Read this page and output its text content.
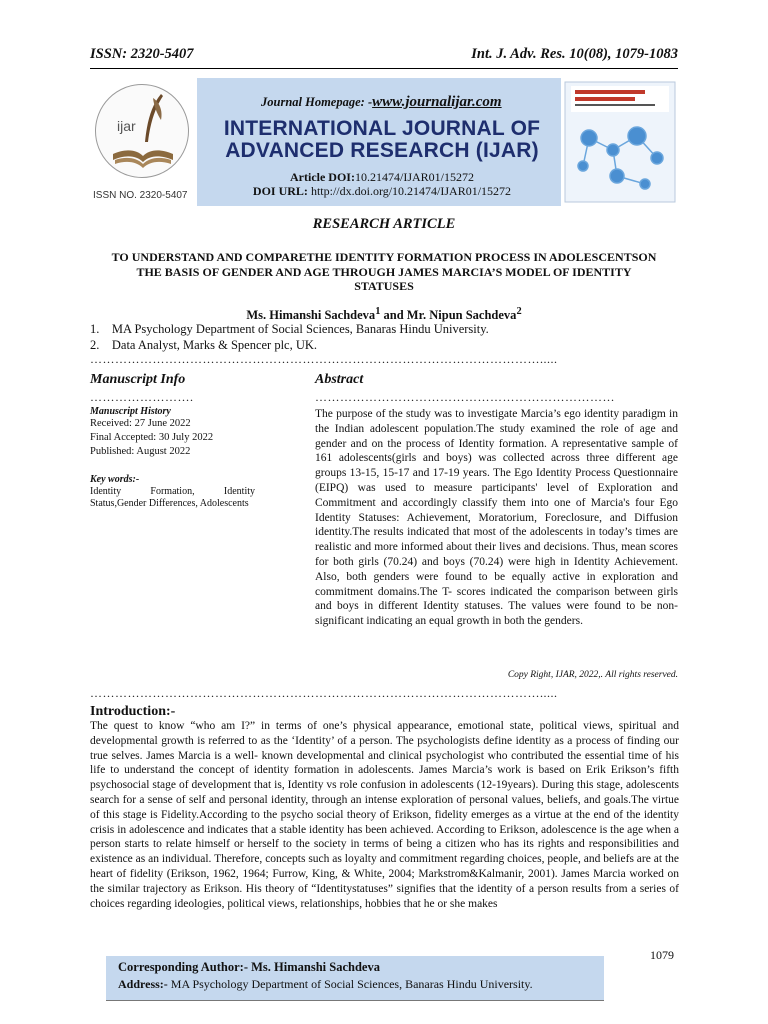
ISSN: 2320-5407	Int. J. Adv. Res. 10(08), 1079-1083
ijar
ISSN NO. 2320-5407
Journal Homepage: -www.journalijar.com
INTERNATIONAL JOURNAL OF
ADVANCED RESEARCH (IJAR)
Article DOI:10.21474/IJAR01/15272
DOI URL: http://dx.doi.org/10.21474/IJAR01/15272
RESEARCH ARTICLE
TO UNDERSTAND AND COMPARETHE IDENTITY FORMATION PROCESS IN ADOLESCENTSON
THE BASIS OF GENDER AND AGE THROUGH JAMES MARCIA’S MODEL OF IDENTITY
STATUSES
Ms. Himanshi Sachdeva$^1$ and Mr. Nipun Sachdeva$^2$
1. MA Psychology Department of Social Sciences, Banaras Hindu University.
2. Data Analyst, Marks & Spencer plc, UK.
……………………………………………………………………………………………….....
Manuscript Info
…………………….
Manuscript History
Received: 27 June 2022
Final Accepted: 30 July 2022
Published: August 2022
Key words:-
Identity Formation, Identity Status,Gender Differences, Adolescents
Abstract
………………………………………………………………
The purpose of the study was to investigate Marcia’s ego identity paradigm in the Indian adolescent population.The study examined the role of age and gender and on the process of Identity formation. A representative sample of 161 adolescents(girls and boys) was collected across three different age groups 13-15, 15-17 and 17-19 years. The Ego Identity Process Questionnaire (EIPQ) was used to measure participants' level of Exploration and Commitment and accordingly classify them into one of Marcia's four Ego Identity Statuses: Achievement, Moratorium, Foreclosure, and Diffusion identity.The results indicated that most of the adolescents in today’s times are realistic and more informed about their lives and decisions. Thus, mean scores for both girls (70.24) and boys (70.24) were high in Identity Achievement. Also, both genders were found to be equally active in exploration and commitment domains.The T- scores indicated the comparison between girls and boys in different Identity statuses. The values were found to be non- significant indicating an equal growth in both the genders.
Copy Right, IJAR, 2022,. All rights reserved.
……………………………………………………………………………………………….....
Introduction:-
The quest to know “who am I?” in terms of one’s physical appearance, emotional state, political views, spiritual and developmental growth is referred to as the ‘Identity’ of a person. The psychologists define identity as a process of finding our true selves. James Marcia is a well- known developmental and clinical psychologist who contributed the essential time of his life to understand the concept of identity formation in adolescents. James Marcia’s work is based on Erik Erikson’s fifth psychosocial stage of development that is, Identity vs role confusion in adolescents (12-19years). During this stage, adolescents search for a sense of self and personal identity, through an intense exploration of personal values, beliefs, and goals.The virtue of this stage is Fidelity.According to the psycho social theory of Erikson, fidelity emerges as a virtue at the end of the identity crisis in adolescence and indicates that a stable identity has been achieved. According to Erikson, adolescence is the age when a person starts to relate himself or herself to the society in terms of being a citizen who has its rights and responsibilities and existence as an individual. Therefore, concepts such as loyalty and commitment regarding choices, people, and beliefs are at the heart of fidelity (Erikson, 1962, 1964; Furrow, King, & White, 2004; Markstrom&Kalmanir, 2001). James Marcia worked on the similar trajectory as Erikson. His theory of “Identitystatuses” signifies that the identity of a person results from a series of choices regarding ideologies, political views, relationships, hobbies that he or she makes
1079
Corresponding Author:- Ms. Himanshi Sachdeva
Address:- MA Psychology Department of Social Sciences, Banaras Hindu University.
